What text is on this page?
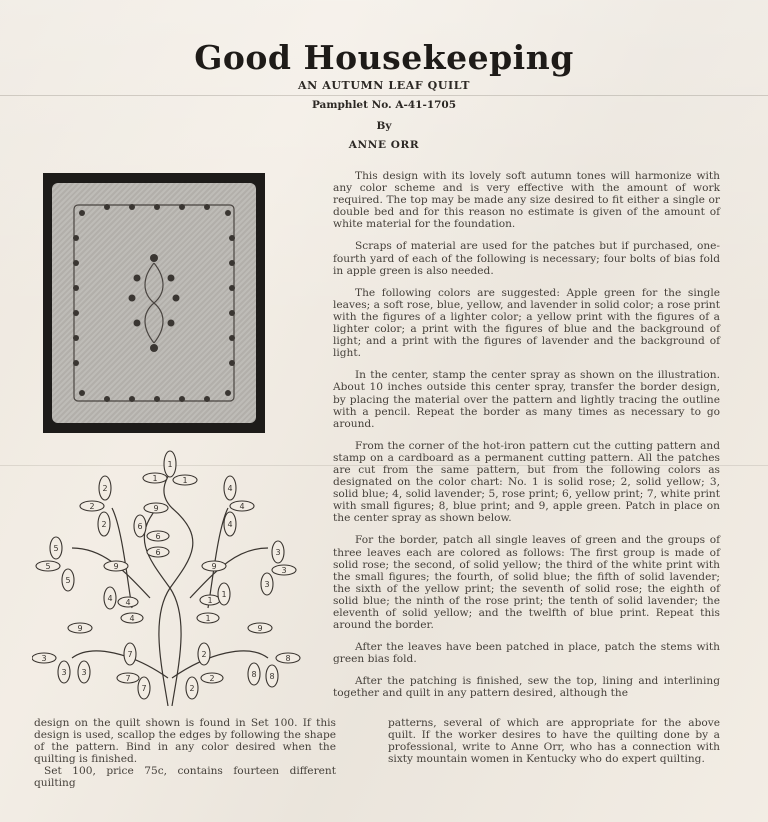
Good Housekeeping
AN AUTUMN LEAF QUILT
Pamphlet No. A-41-1705
By
ANNE ORR

This design with its lovely soft autumn tones will harmonize with any color scheme and is very effective with the amount of work required. The top may be made any size desired to fit either a single or double bed and for this reason no estimate is given of the amount of white material for the foundation.

Scraps of material are used for the patches but if purchased, one-fourth yard of each of the following is necessary; four bolts of bias fold in apple green is also needed.

The following colors are suggested: Apple green for the single leaves; a soft rose, blue, yellow, and lavender in solid color; a rose print with the figures of a lighter color; a yellow print with the figures of a lighter color; a print with the figures of blue and the background of light; and a print with the figures of lavender and the background of light.

In the center, stamp the center spray as shown on the illustration. About 10 inches outside this center spray, transfer the border design, by placing the material over the pattern and lightly tracing the outline with a pencil. Repeat the border as many times as necessary to go around.

From the corner of the hot-iron pattern cut the cutting pattern and stamp on a cardboard as a permanent cutting pattern. All the patches are cut from the same pattern, but from the following colors as designated on the color chart: No. 1 is solid rose; 2, solid yellow; 3, solid blue; 4, solid lavender; 5, rose print; 6, yellow print; 7, white print with small figures; 8, blue print; and 9, apple green. Patch in place on the center spray as shown below.

For the border, patch all single leaves of green and the groups of three leaves each are colored as follows: The first group is made of solid rose; the second, of solid yellow; the third of the white print with the small figures; the fourth, of solid blue; the fifth of solid lavender; the sixth of the yellow print; the seventh of solid rose; the eighth of solid blue; the ninth of the rose print; the tenth of solid lavender; the eleventh of solid yellow; and the twelfth of blue print. Repeat this around the border.

After the leaves have been patched in place, patch the stems with green bias fold.

After the patching is finished, sew the top, lining and interlining together and quilt in any pattern desired, although the

1
1	1
2
2
2
9
4
4
4
6
6
6
5
5
5
9	9
3
3
3
4 4
4
1
1
1
9	9
3
3 3
7
7
7
2
2
2
8 8
8

design on the quilt shown is found in Set 100. If this design is used, scallop the edges by following the shape of the pattern. Bind in any color desired when the quilting is finished.

Set 100, price 75c, contains fourteen different quilting

patterns, several of which are appropriate for the above quilt. If the worker desires to have the quilting done by a professional, write to Anne Orr, who has a connection with sixty mountain women in Kentucky who do expert quilting.
